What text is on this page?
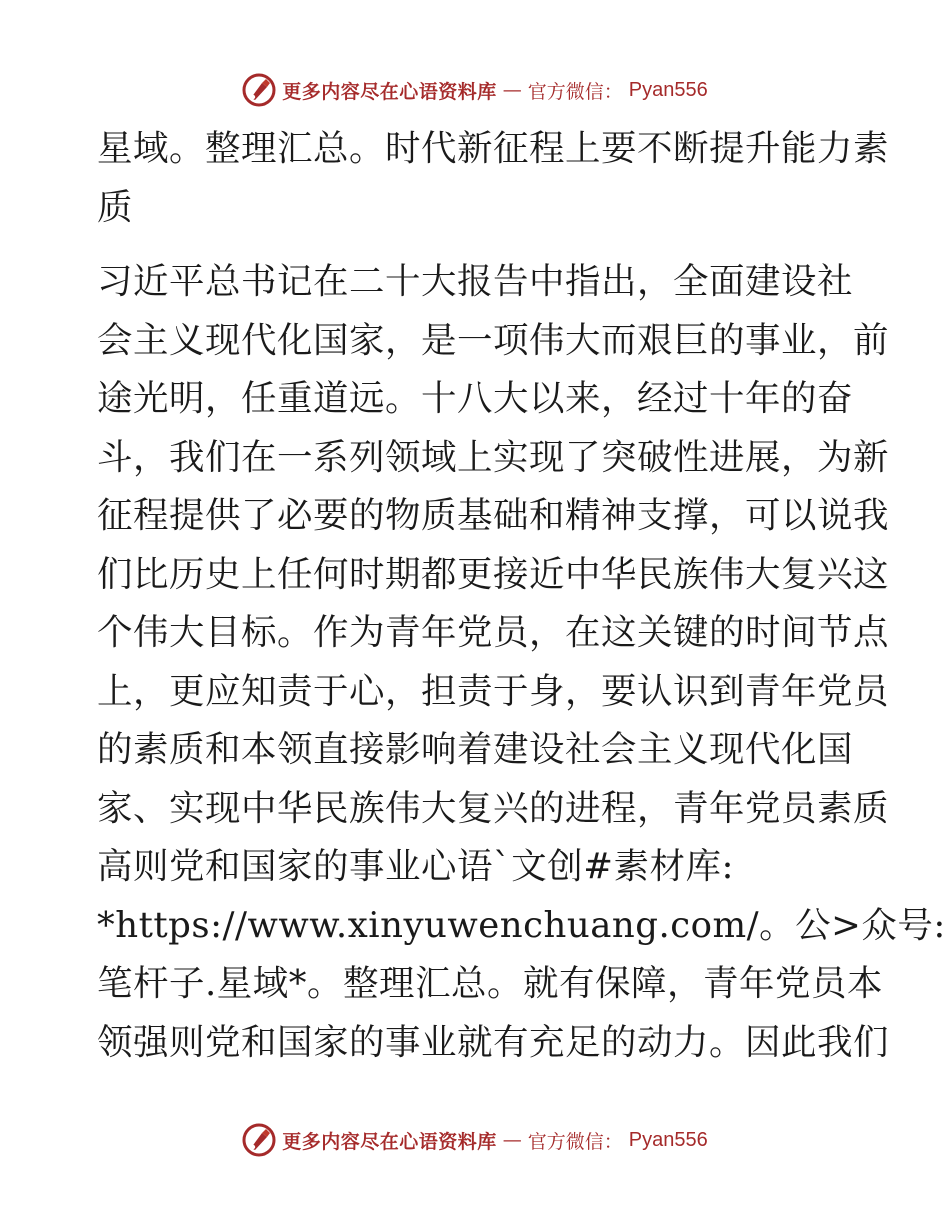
更多内容尽在心语资料库 — 官方微信： Pyan556
星域。整理汇总。时代新征程上要不断提升能力素
质
习近平总书记在二十大报告中指出，全面建设社
会主义现代化国家，是一项伟大而艰巨的事业，前
途光明，任重道远。十八大以来，经过十年的奋
斗，我们在一系列领域上实现了突破性进展，为新
征程提供了必要的物质基础和精神支撑，可以说我
们比历史上任何时期都更接近中华民族伟大复兴这
个伟大目标。作为青年党员，在这关键的时间节点
上，更应知责于心，担责于身，要认识到青年党员
的素质和本领直接影响着建设社会主义现代化国
家、实现中华民族伟大复兴的进程，青年党员素质
高则党和国家的事业心语`文创#素材库:
*https://www.xinyuwenchuang.com/。公>众号:
笔杆子.星域*。整理汇总。就有保障，青年党员本
领强则党和国家的事业就有充足的动力。因此我们
更多内容尽在心语资料库 — 官方微信： Pyan556
